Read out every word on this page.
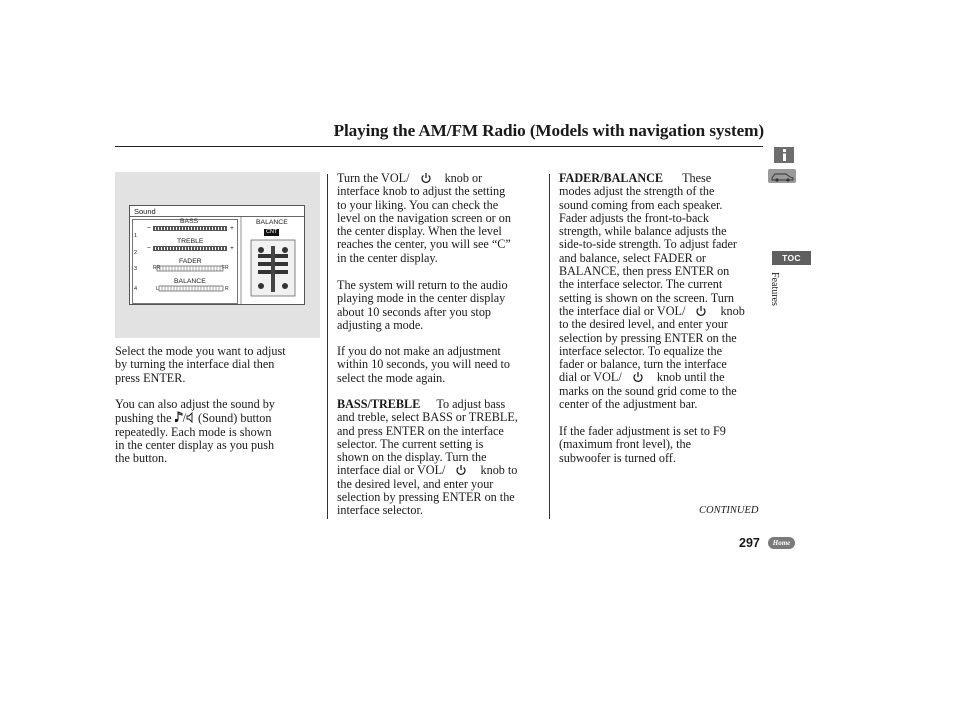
Playing the AM/FM Radio (Models with navigation system)
Sound
BASS
TREBLE
FADER
BALANCE
−	+
−	+
RR	FR
L	R
1
2
3
4
BALANCE
CNT
Select the mode you want to adjust
by turning the interface dial then
press ENTER.
You can also adjust the sound by
pushing the / (Sound) button
repeatedly. Each mode is shown
in the center display as you push
the button.
Turn the VOL/	knob or
interface knob to adjust the setting
to your liking. You can check the
level on the navigation screen or on
the center display. When the level
reaches the center, you will see “C”
in the center display.
The system will return to the audio
playing mode in the center display
about 10 seconds after you stop
adjusting a mode.
If you do not make an adjustment
within 10 seconds, you will need to
select the mode again.
BASS/TREBLE To adjust bass
and treble, select BASS or TREBLE,
and press ENTER on the interface
selector. The current setting is
shown on the display. Turn the
interface dial or VOL/	knob to
the desired level, and enter your
selection by pressing ENTER on the
interface selector.
FADER/BALANCE These
modes adjust the strength of the
sound coming from each speaker.
Fader adjusts the front-to-back
strength, while balance adjusts the
side-to-side strength. To adjust fader
and balance, select FADER or
BALANCE, then press ENTER on
the interface selector. The current
setting is shown on the screen. Turn
the interface dial or VOL/	knob
to the desired level, and enter your
selection by pressing ENTER on the
interface selector. To equalize the
fader or balance, turn the interface
dial or VOL/	knob until the
marks on the sound grid come to the
center of the adjustment bar.
If the fader adjustment is set to F9
(maximum front level), the
subwoofer is turned off.
CONTINUED
297	Home
TOC
Features
